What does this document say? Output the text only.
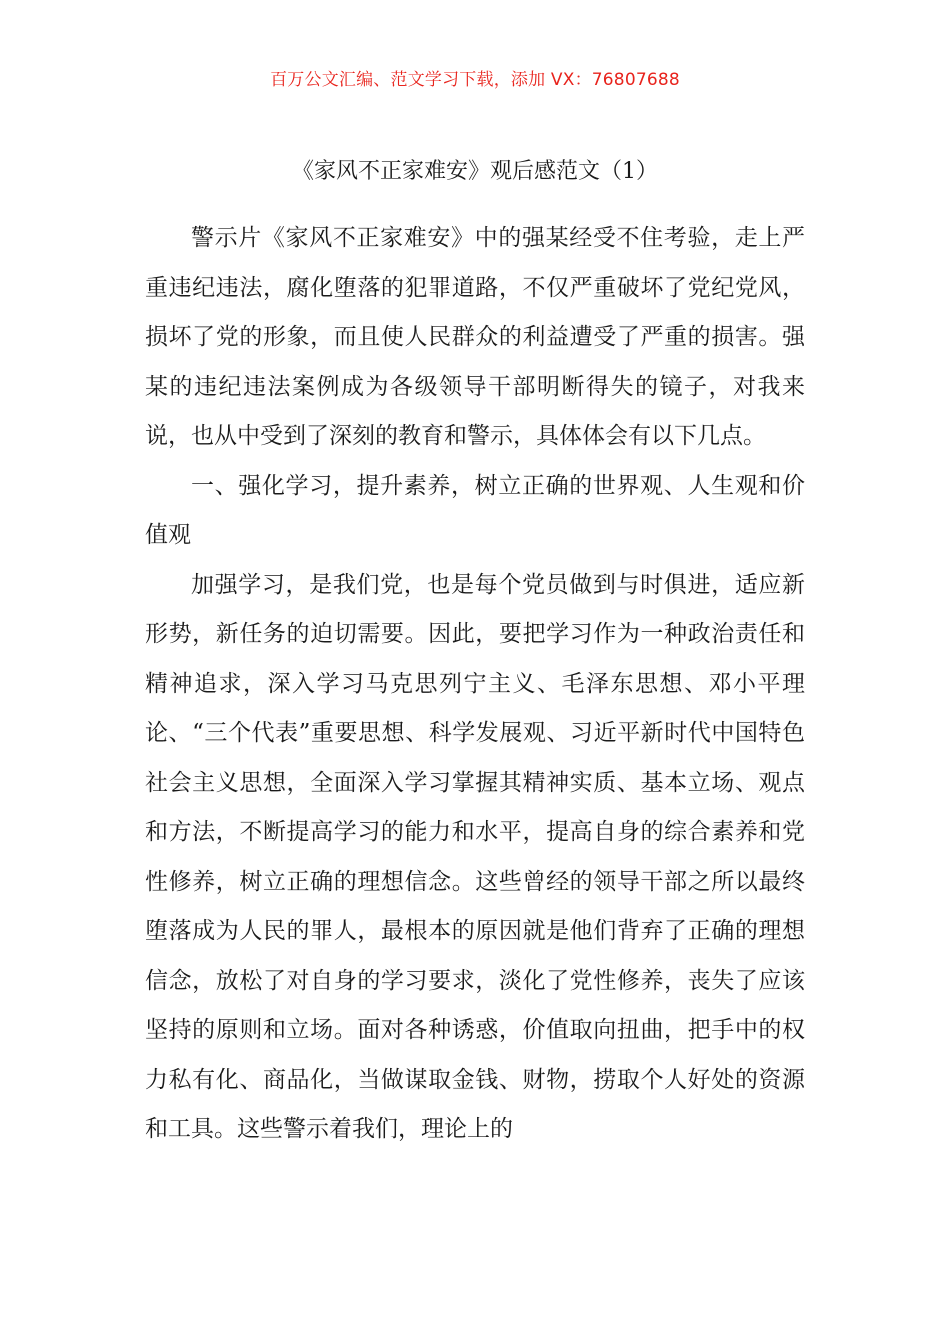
百万公文汇编、范文学习下载，添加 VX：76807688
《家风不正家难安》观后感范文（1）

警示片《家风不正家难安》中的强某经受不住考验，走上严重违纪违法，腐化堕落的犯罪道路，不仅严重破坏了党纪党风，损坏了党的形象，而且使人民群众的利益遭受了严重的损害。强某的违纪违法案例成为各级领导干部明断得失的镜子，对我来说，也从中受到了深刻的教育和警示，具体体会有以下几点。

一、强化学习，提升素养，树立正确的世界观、人生观和价值观

加强学习，是我们党，也是每个党员做到与时俱进，适应新形势，新任务的迫切需要。因此，要把学习作为一种政治责任和精神追求，深入学习马克思列宁主义、毛泽东思想、邓小平理论、“三个代表”重要思想、科学发展观、习近平新时代中国特色社会主义思想，全面深入学习掌握其精神实质、基本立场、观点和方法，不断提高学习的能力和水平，提高自身的综合素养和党性修养，树立正确的理想信念。这些曾经的领导干部之所以最终堕落成为人民的罪人，最根本的原因就是他们背弃了正确的理想信念，放松了对自身的学习要求，淡化了党性修养，丧失了应该坚持的原则和立场。面对各种诱惑，价值取向扭曲，把手中的权力私有化、商品化，当做谋取金钱、财物，捞取个人好处的资源和工具。这些警示着我们，理论上的
